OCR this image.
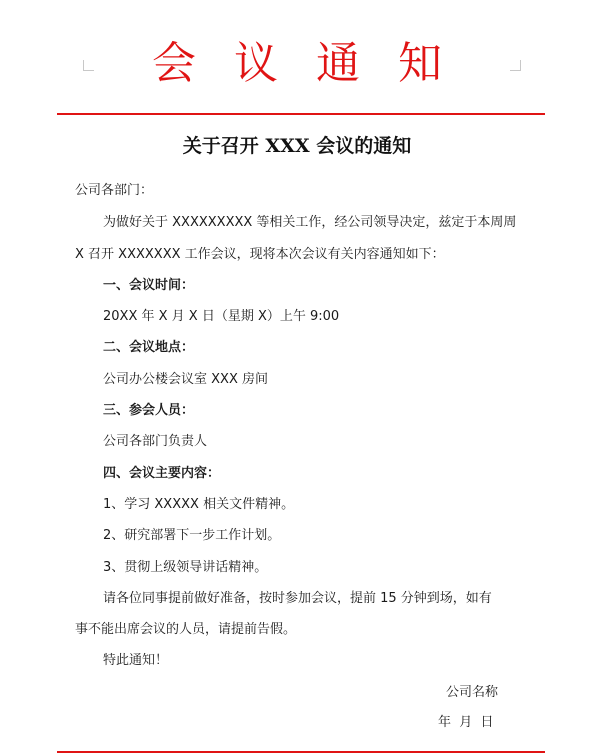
会议通知
关于召开 XXX 会议的通知
公司各部门：
为做好关于 XXXXXXXXX 等相关工作，经公司领导决定，兹定于本周周
X 召开 XXXXXXX 工作会议，现将本次会议有关内容通知如下：
一、会议时间：
20XX 年 X 月 X 日（星期 X）上午 9:00
二、会议地点：
公司办公楼会议室 XXX 房间
三、参会人员：
公司各部门负责人
四、会议主要内容：
1、学习 XXXXX 相关文件精神。
2、研究部署下一步工作计划。
3、贯彻上级领导讲话精神。
请各位同事提前做好准备，按时参加会议，提前 15 分钟到场，如有
事不能出席会议的人员，请提前告假。
特此通知！
公司名称
年  月  日
